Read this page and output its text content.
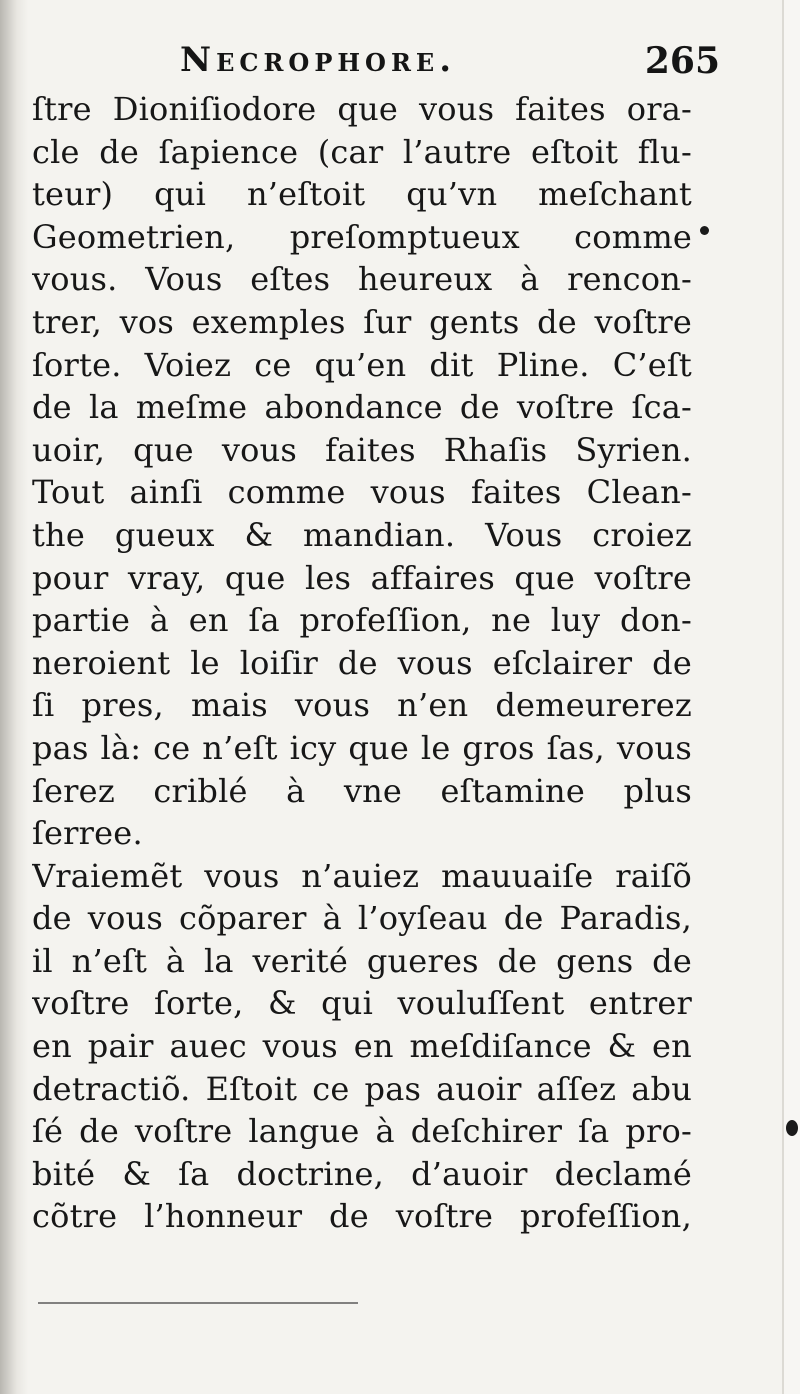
Necrophore.	265
ſtre Dioniſiodore que vous faites ora-
cle de ſapience (car l’autre eſtoit flu-
teur) qui n’eſtoit qu’vn meſchant
Geometrien, preſomptueux comme
vous. Vous eſtes heureux à rencon-
trer, vos exemples ſur gents de voſtre
ſorte. Voiez ce qu’en dit Pline. C’eſt
de la meſme abondance de voſtre ſca-
uoir, que vous faites Rhaſis Syrien.
Tout ainſi comme vous faites Clean-
the gueux & mandian. Vous croiez
pour vray, que les affaires que voſtre
partie à en ſa profeſſion, ne luy don-
neroient le loiſir de vous eſclairer de
ſi pres, mais vous n’en demeurerez
pas là: ce n’eſt icy que le gros ſas, vous
ſerez criblé à vne eſtamine plus
ſerree.
Vraiemẽt vous n’auiez mauuaiſe raiſõ
de vous cõparer à l’oyſeau de Paradis,
il n’eſt à la verité gueres de gens de
voſtre ſorte, & qui vouluſſent entrer
en pair auec vous en meſdiſance & en
detractiõ. Eſtoit ce pas auoir aſſez abu
ſé de voſtre langue à deſchirer ſa pro-
bité & ſa doctrine, d’auoir declamé
cõtre l’honneur de voſtre profeſſion,
